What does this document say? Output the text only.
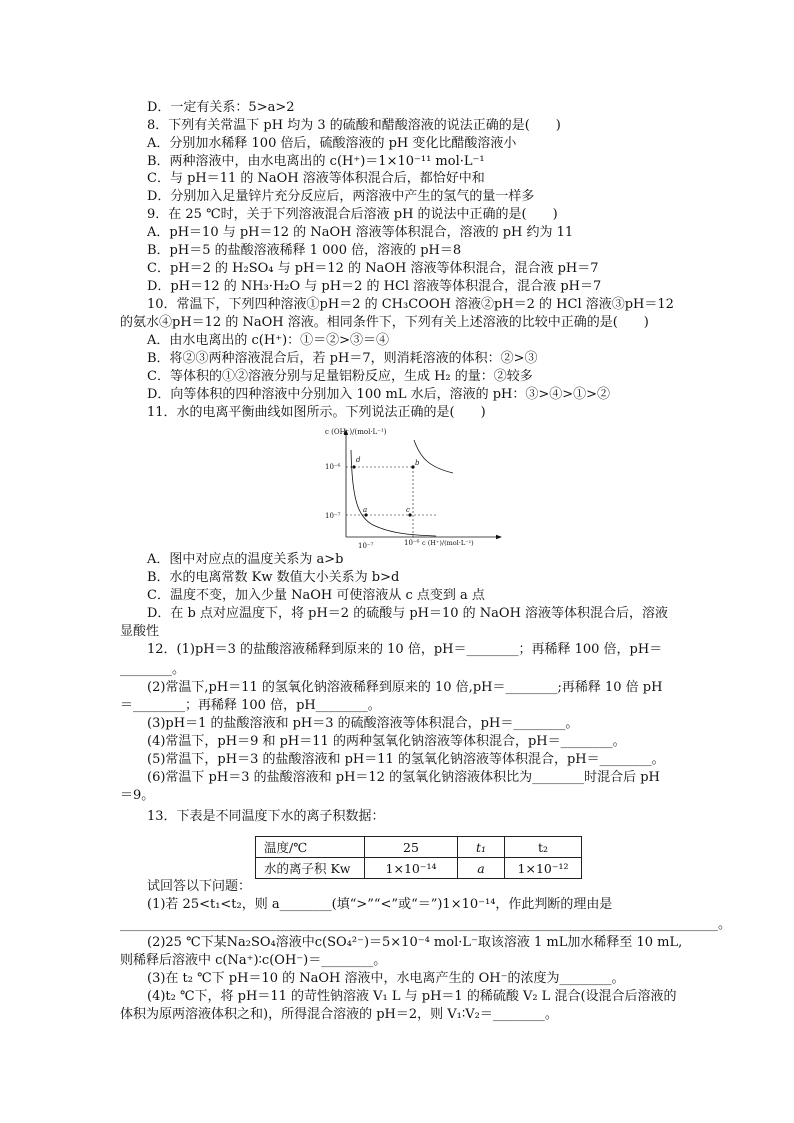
D．一定有关系：5>a>2
8．下列有关常温下 pH 均为 3 的硫酸和醋酸溶液的说法正确的是(　　)
A．分别加水稀释 100 倍后，硫酸溶液的 pH 变化比醋酸溶液小
B．两种溶液中，由水电离出的 c(H⁺)＝1×10⁻¹¹ mol·L⁻¹
C．与 pH＝11 的 NaOH 溶液等体积混合后，都恰好中和
D．分别加入足量锌片充分反应后，两溶液中产生的氢气的量一样多
9．在 25 ℃时，关于下列溶液混合后溶液 pH 的说法中正确的是(　　)
A．pH＝10 与 pH＝12 的 NaOH 溶液等体积混合，溶液的 pH 约为 11
B．pH＝5 的盐酸溶液稀释 1 000 倍，溶液的 pH＝8
C．pH＝2 的 H₂SO₄ 与 pH＝12 的 NaOH 溶液等体积混合，混合液 pH＝7
D．pH＝12 的 NH₃·H₂O 与 pH＝2 的 HCl 溶液等体积混合，混合液 pH＝7
10．常温下，下列四种溶液①pH＝2 的 CH₃COOH 溶液②pH＝2 的 HCl 溶液③pH＝12
的氨水④pH＝12 的 NaOH 溶液。相同条件下，下列有关上述溶液的比较中正确的是(　　)
A．由水电离出的 c(H⁺)：①＝②>③＝④
B．将②③两种溶液混合后，若 pH＝7，则消耗溶液的体积：②>③
C．等体积的①②溶液分别与足量铝粉反应，生成 H₂ 的量：②较多
D．向等体积的四种溶液中分别加入 100 mL 水后，溶液的 pH：③>④>①>②
11．水的电离平衡曲线如图所示。下列说法正确的是(　　)
A．图中对应点的温度关系为 a>b
B．水的电离常数 Kw 数值大小关系为 b>d
C．温度不变，加入少量 NaOH 可使溶液从 c 点变到 a 点
D．在 b 点对应温度下，将 pH＝2 的硫酸与 pH＝10 的 NaOH 溶液等体积混合后，溶液
显酸性
12．(1)pH＝3 的盐酸溶液稀释到原来的 10 倍，pH＝________；再稀释 100 倍，pH＝
________。
(2)常温下,pH＝11 的氢氧化钠溶液稀释到原来的 10 倍,pH＝________;再稀释 10 倍 pH
＝________；再稀释 100 倍，pH________。
(3)pH＝1 的盐酸溶液和 pH＝3 的硫酸溶液等体积混合，pH＝________。
(4)常温下，pH＝9 和 pH＝11 的两种氢氧化钠溶液等体积混合，pH＝________。
(5)常温下，pH＝3 的盐酸溶液和 pH＝11 的氢氧化钠溶液等体积混合，pH＝________。
(6)常温下 pH＝3 的盐酸溶液和 pH＝12 的氢氧化钠溶液体积比为________时混合后 pH
＝9。
13．下表是不同温度下水的离子积数据：
试回答以下问题：
(1)若 25<t₁<t₂，则 a________(填“>”“<”或“＝”)1×10⁻¹⁴，作此判断的理由是
____________________________________________________________________________________________。
(2)25 ℃下某Na₂SO₄溶液中c(SO₄²⁻)＝5×10⁻⁴ mol·L⁻取该溶液 1 mL加水稀释至 10 mL,
则稀释后溶液中 c(Na⁺)∶c(OH⁻)＝________。
(3)在 t₂ ℃下 pH＝10 的 NaOH 溶液中，水电离产生的 OH⁻的浓度为________。
(4)t₂ ℃下，将 pH＝11 的苛性钠溶液 V₁ L 与 pH＝1 的稀硫酸 V₂ L 混合(设混合后溶液的
体积为原两溶液体积之和)，所得混合溶液的 pH＝2，则 V₁∶V₂＝________。
c (OH⁻)/(mol·L⁻¹)
c (H⁺)/(mol·L⁻¹)
10⁻⁶
10⁻⁷
10⁻⁷	10⁻⁶
d	b
a	c
温度/℃	25	t₁	t₂
水的离子积 Kw	1×10⁻¹⁴	a	1×10⁻¹²
